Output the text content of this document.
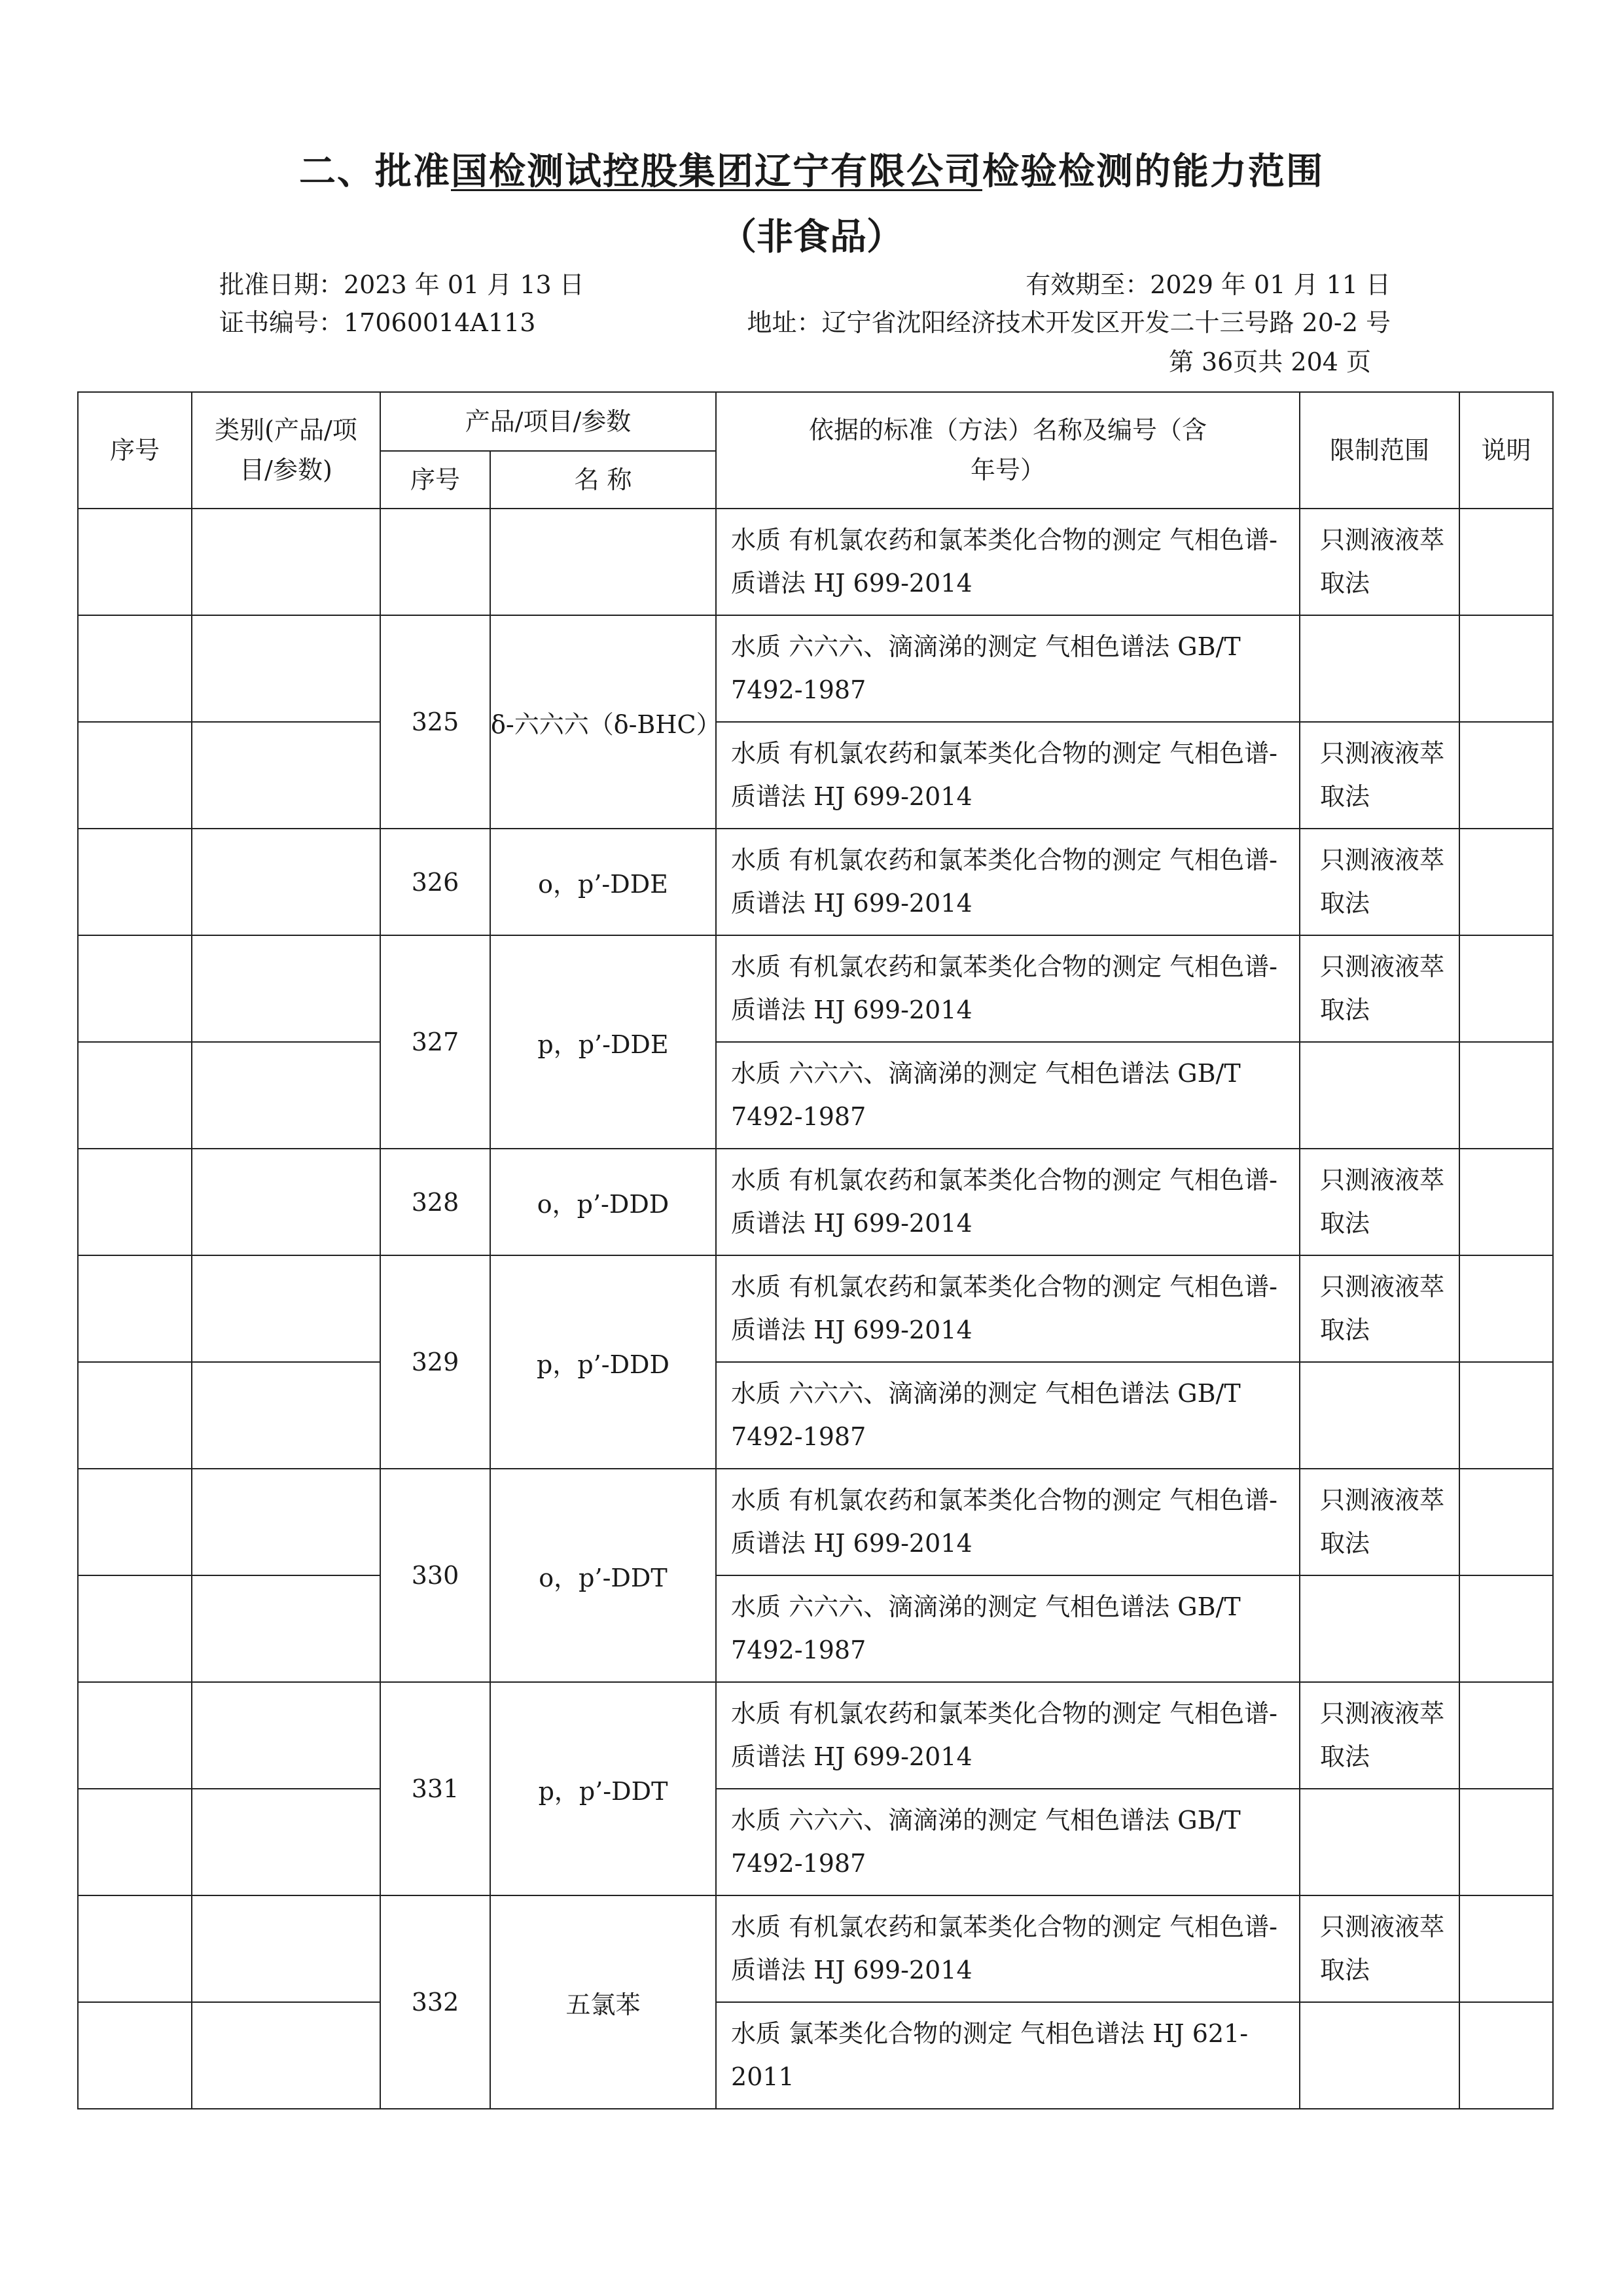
二、批准国检测试控股集团辽宁有限公司检验检测的能力范围
（非食品）
批准日期：2023 年 01 月 13 日	有效期至：2029 年 01 月 11 日
证书编号：17060014A113	地址：辽宁省沈阳经济技术开发区开发二十三号路 20-2 号
第 36页共 204 页
序号	类别(产品/项目/参数)	产品/项目/参数		依据的标准（方法）名称及编号（含年号）	限制范围	说明
		序号	名 称			
				水质 有机氯农药和氯苯类化合物的测定 气相色谱-质谱法 HJ 699-2014	只测液液萃取法	
		325	δ-六六六（δ-BHC）	水质 六六六、滴滴涕的测定 气相色谱法 GB/T 7492-1987		
				水质 有机氯农药和氯苯类化合物的测定 气相色谱-质谱法 HJ 699-2014	只测液液萃取法	
		326	o，p’-DDE	水质 有机氯农药和氯苯类化合物的测定 气相色谱-质谱法 HJ 699-2014	只测液液萃取法	
		327	p，p’-DDE	水质 有机氯农药和氯苯类化合物的测定 气相色谱-质谱法 HJ 699-2014	只测液液萃取法	
				水质 六六六、滴滴涕的测定 气相色谱法 GB/T 7492-1987		
		328	o，p’-DDD	水质 有机氯农药和氯苯类化合物的测定 气相色谱-质谱法 HJ 699-2014	只测液液萃取法	
		329	p，p’-DDD	水质 有机氯农药和氯苯类化合物的测定 气相色谱-质谱法 HJ 699-2014	只测液液萃取法	
				水质 六六六、滴滴涕的测定 气相色谱法 GB/T 7492-1987		
		330	o，p’-DDT	水质 有机氯农药和氯苯类化合物的测定 气相色谱-质谱法 HJ 699-2014	只测液液萃取法	
				水质 六六六、滴滴涕的测定 气相色谱法 GB/T 7492-1987		
		331	p，p’-DDT	水质 有机氯农药和氯苯类化合物的测定 气相色谱-质谱法 HJ 699-2014	只测液液萃取法	
				水质 六六六、滴滴涕的测定 气相色谱法 GB/T 7492-1987		
		332	五氯苯	水质 有机氯农药和氯苯类化合物的测定 气相色谱-质谱法 HJ 699-2014	只测液液萃取法	
				水质 氯苯类化合物的测定 气相色谱法 HJ 621-2011		
